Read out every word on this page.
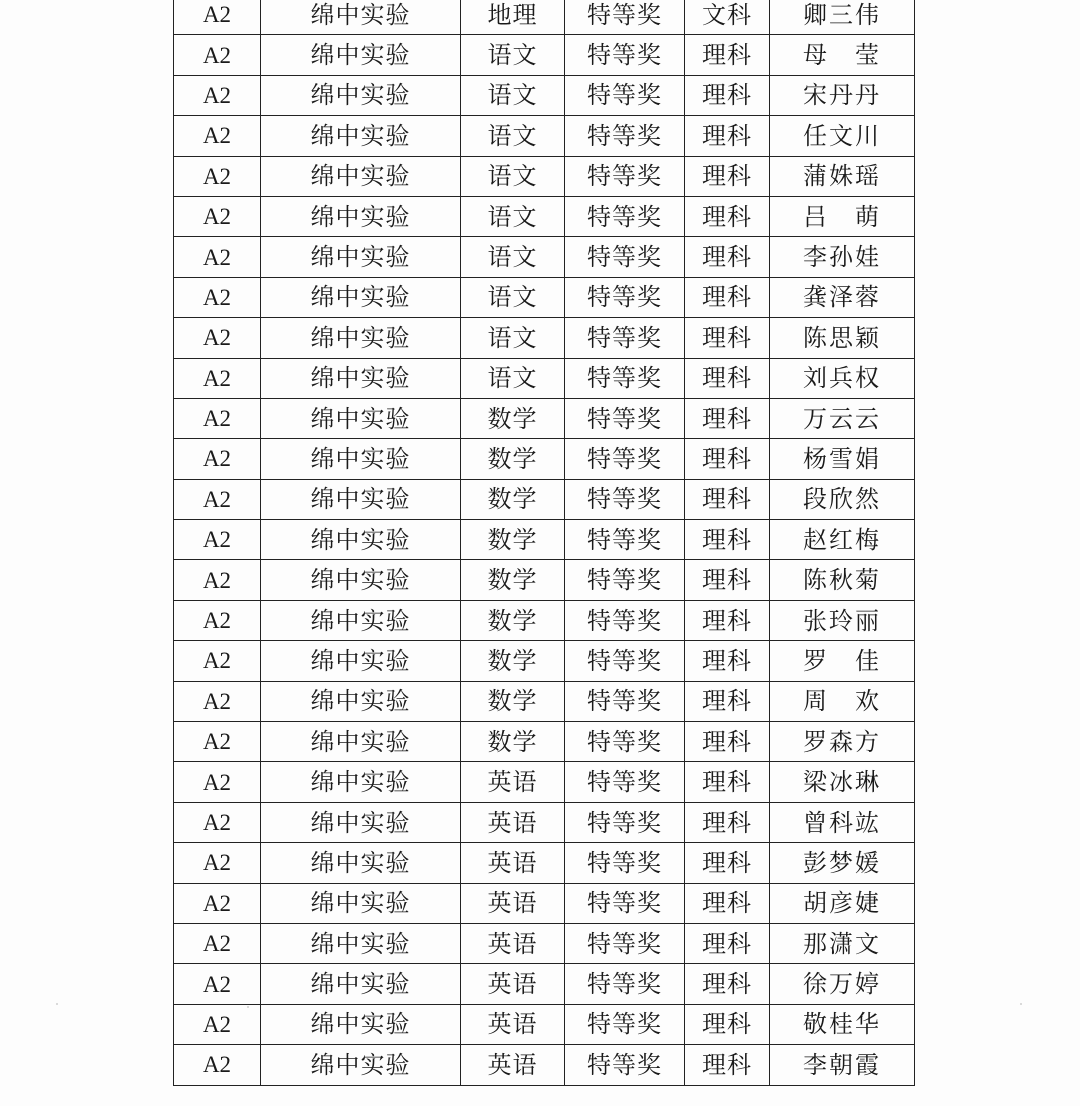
A2	绵中实验	地理	特等奖	文科	卿三伟
A2	绵中实验	语文	特等奖	理科	母　莹
A2	绵中实验	语文	特等奖	理科	宋丹丹
A2	绵中实验	语文	特等奖	理科	任文川
A2	绵中实验	语文	特等奖	理科	蒲姝瑶
A2	绵中实验	语文	特等奖	理科	吕　萌
A2	绵中实验	语文	特等奖	理科	李孙娃
A2	绵中实验	语文	特等奖	理科	龚泽蓉
A2	绵中实验	语文	特等奖	理科	陈思颖
A2	绵中实验	语文	特等奖	理科	刘兵权
A2	绵中实验	数学	特等奖	理科	万云云
A2	绵中实验	数学	特等奖	理科	杨雪娟
A2	绵中实验	数学	特等奖	理科	段欣然
A2	绵中实验	数学	特等奖	理科	赵红梅
A2	绵中实验	数学	特等奖	理科	陈秋菊
A2	绵中实验	数学	特等奖	理科	张玲丽
A2	绵中实验	数学	特等奖	理科	罗　佳
A2	绵中实验	数学	特等奖	理科	周　欢
A2	绵中实验	数学	特等奖	理科	罗森方
A2	绵中实验	英语	特等奖	理科	梁冰琳
A2	绵中实验	英语	特等奖	理科	曾科竑
A2	绵中实验	英语	特等奖	理科	彭梦媛
A2	绵中实验	英语	特等奖	理科	胡彦婕
A2	绵中实验	英语	特等奖	理科	那潇文
A2	绵中实验	英语	特等奖	理科	徐万婷
A2	绵中实验	英语	特等奖	理科	敬桂华
A2	绵中实验	英语	特等奖	理科	李朝霞
